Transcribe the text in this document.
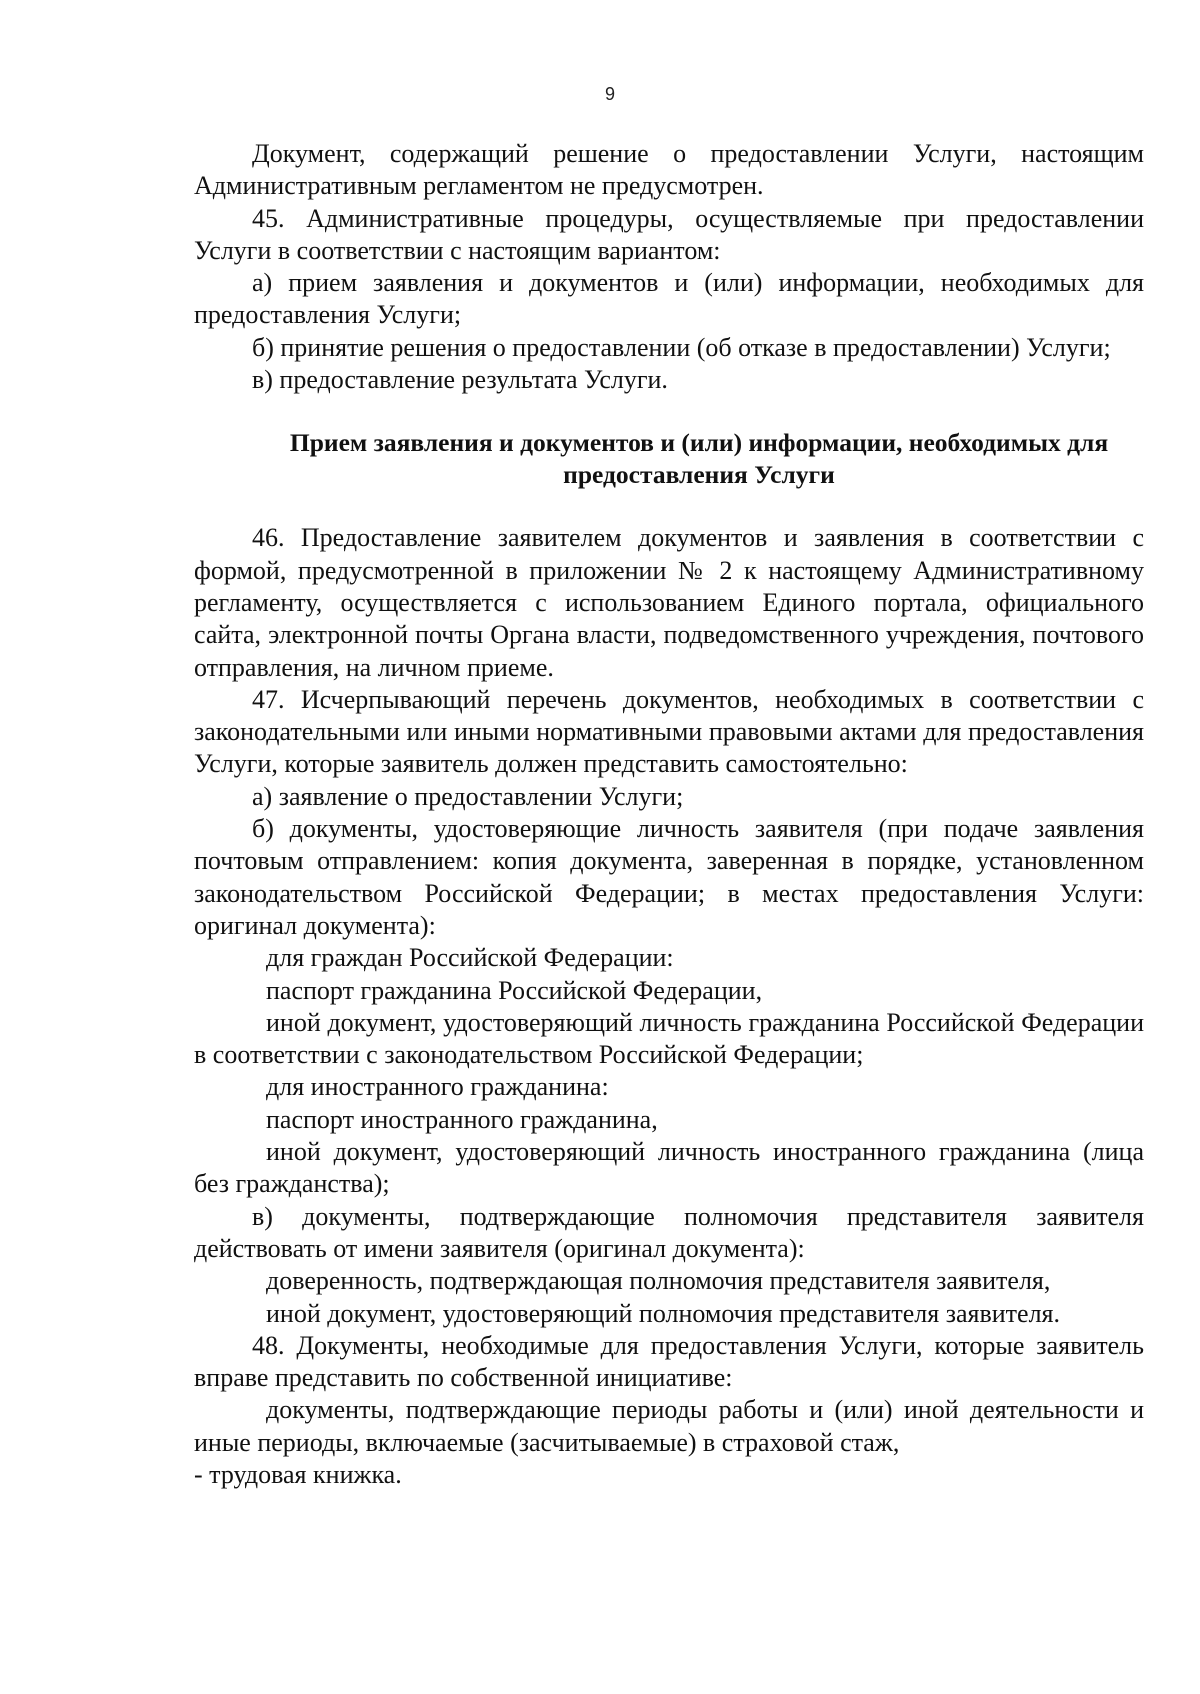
9

Документ, содержащий решение о предоставлении Услуги, настоящим Административным регламентом не предусмотрен.

45. Административные процедуры, осуществляемые при предоставлении Услуги в соответствии с настоящим вариантом:

а) прием заявления и документов и (или) информации, необходимых для предоставления Услуги;

б) принятие решения о предоставлении (об отказе в предоставлении) Услуги;

в) предоставление результата Услуги.

Прием заявления и документов и (или) информации, необходимых для предоставления Услуги

46. Предоставление заявителем документов и заявления в соответствии с формой, предусмотренной в приложении № 2 к настоящему Административному регламенту, осуществляется с использованием Единого портала, официального сайта, электронной почты Органа власти, подведомственного учреждения, почтового отправления, на личном приеме.

47. Исчерпывающий перечень документов, необходимых в соответствии с законодательными или иными нормативными правовыми актами для предоставления Услуги, которые заявитель должен представить самостоятельно:

а) заявление о предоставлении Услуги;

б) документы, удостоверяющие личность заявителя (при подаче заявления почтовым отправлением: копия документа, заверенная в порядке, установленном законодательством Российской Федерации; в местах предоставления Услуги: оригинал документа):

для граждан Российской Федерации:

паспорт гражданина Российской Федерации,

иной документ, удостоверяющий личность гражданина Российской Федерации в соответствии с законодательством Российской Федерации;

для иностранного гражданина:

паспорт иностранного гражданина,

иной документ, удостоверяющий личность иностранного гражданина (лица без гражданства);

в) документы, подтверждающие полномочия представителя заявителя действовать от имени заявителя (оригинал документа):

доверенность, подтверждающая полномочия представителя заявителя,

иной документ, удостоверяющий полномочия представителя заявителя.

48. Документы, необходимые для предоставления Услуги, которые заявитель вправе представить по собственной инициативе:

документы, подтверждающие периоды работы и (или) иной деятельности и иные периоды, включаемые (засчитываемые) в страховой стаж,

- трудовая книжка.
